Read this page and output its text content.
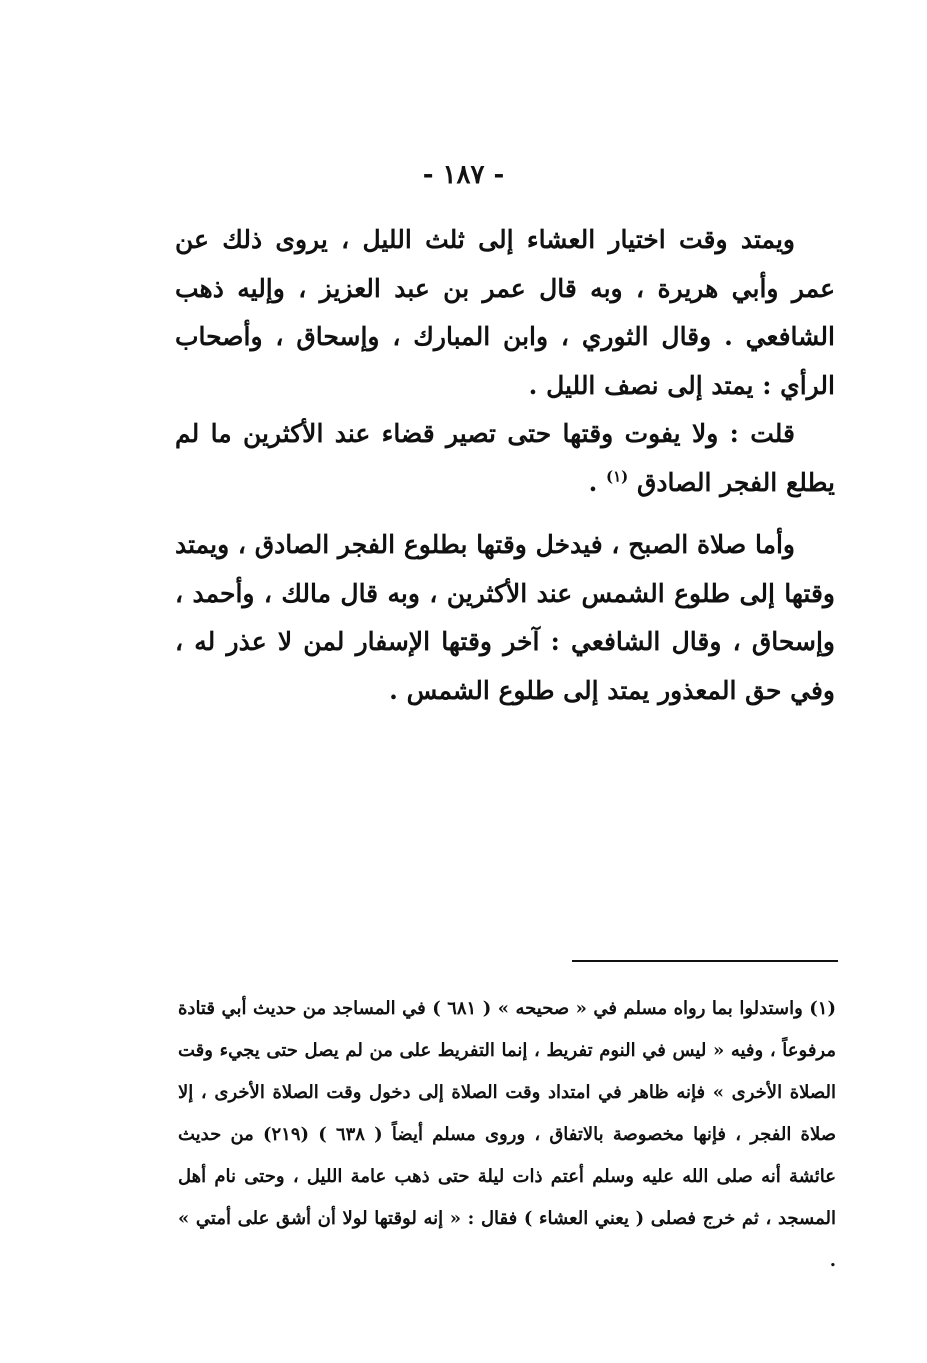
- ١٨٧ -

ويمتد وقت اختيار العشاء إلى ثلث الليل ، يروى ذلك عن عمر وأبي هريرة ، وبه قال عمر بن عبد العزيز ، وإليه ذهب الشافعي . وقال الثوري ، وابن المبارك ، وإسحاق ، وأصحاب الرأي : يمتد إلى نصف الليل .

قلت : ولا يفوت وقتها حتى تصير قضاء عند الأكثرين ما لم يطلع الفجر الصادق $^{(١)}$ .

وأما صلاة الصبح ، فيدخل وقتها بطلوع الفجر الصادق ، ويمتد وقتها إلى طلوع الشمس عند الأكثرين ، وبه قال مالك ، وأحمد ، وإسحاق ، وقال الشافعي : آخر وقتها الإسفار لمن لا عذر له ، وفي حق المعذور يمتد إلى طلوع الشمس .

(١) واستدلوا بما رواه مسلم في « صحيحه » ( ٦٨١ ) في المساجد من حديث أبي قتادة مرفوعاً ، وفيه « ليس في النوم تفريط ، إنما التفريط على من لم يصل حتى يجيء وقت الصلاة الأخرى » فإنه ظاهر في امتداد وقت الصلاة إلى دخول وقت الصلاة الأخرى ، إلا صلاة الفجر ، فإنها مخصوصة بالاتفاق ، وروى مسلم أيضاً ( ٦٣٨ ) (٢١٩) من حديث عائشة أنه صلى الله عليه وسلم أعتم ذات ليلة حتى ذهب عامة الليل ، وحتى نام أهل المسجد ، ثم خرج فصلى ( يعني العشاء ) فقال : « إنه لوقتها لولا أن أشق على أمتي » .
